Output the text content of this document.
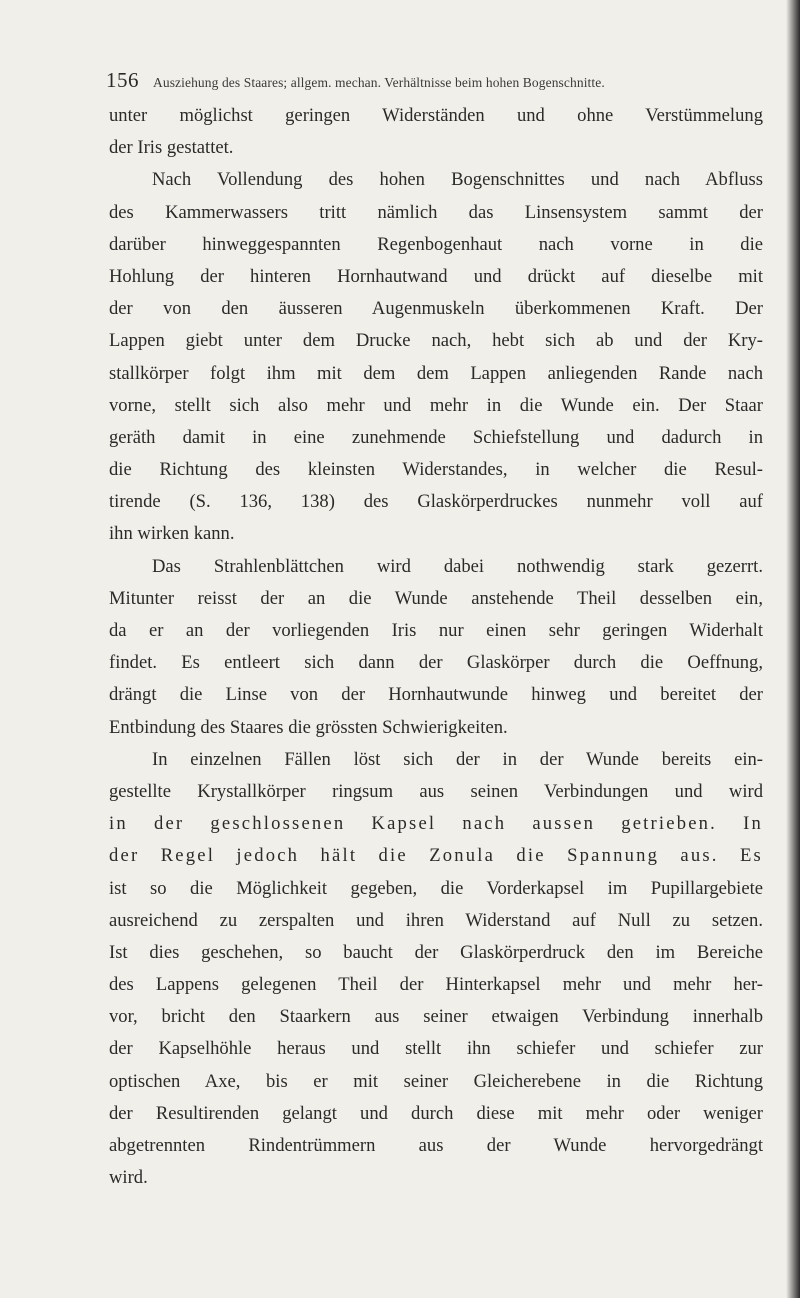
156 Ausziehung des Staares; allgem. mechan. Verhältnisse beim hohen Bogenschnitte.
unter möglichst geringen Widerständen und ohne Verstümmelung
der Iris gestattet.
Nach Vollendung des hohen Bogenschnittes und nach Abfluss
des Kammerwassers tritt nämlich das Linsensystem sammt der
darüber hinweggespannten Regenbogenhaut nach vorne in die
Hohlung der hinteren Hornhautwand und drückt auf dieselbe mit
der von den äusseren Augenmuskeln überkommenen Kraft. Der
Lappen giebt unter dem Drucke nach, hebt sich ab und der Kry-
stallkörper folgt ihm mit dem dem Lappen anliegenden Rande nach
vorne, stellt sich also mehr und mehr in die Wunde ein. Der Staar
geräth damit in eine zunehmende Schiefstellung und dadurch in
die Richtung des kleinsten Widerstandes, in welcher die Resul-
tirende (S. 136, 138) des Glaskörperdruckes nunmehr voll auf
ihn wirken kann.
Das Strahlenblättchen wird dabei nothwendig stark gezerrt.
Mitunter reisst der an die Wunde anstehende Theil desselben ein,
da er an der vorliegenden Iris nur einen sehr geringen Widerhalt
findet. Es entleert sich dann der Glaskörper durch die Oeffnung,
drängt die Linse von der Hornhautwunde hinweg und bereitet der
Entbindung des Staares die grössten Schwierigkeiten.
In einzelnen Fällen löst sich der in der Wunde bereits ein-
gestellte Krystallkörper ringsum aus seinen Verbindungen und wird
in der geschlossenen Kapsel nach aussen getrieben. In
der Regel jedoch hält die Zonula die Spannung aus. Es
ist so die Möglichkeit gegeben, die Vorderkapsel im Pupillargebiete
ausreichend zu zerspalten und ihren Widerstand auf Null zu setzen.
Ist dies geschehen, so baucht der Glaskörperdruck den im Bereiche
des Lappens gelegenen Theil der Hinterkapsel mehr und mehr her-
vor, bricht den Staarkern aus seiner etwaigen Verbindung innerhalb
der Kapselhöhle heraus und stellt ihn schiefer und schiefer zur
optischen Axe, bis er mit seiner Gleicherebene in die Richtung
der Resultirenden gelangt und durch diese mit mehr oder weniger
abgetrennten Rindentrümmern aus der Wunde hervorgedrängt
wird.
